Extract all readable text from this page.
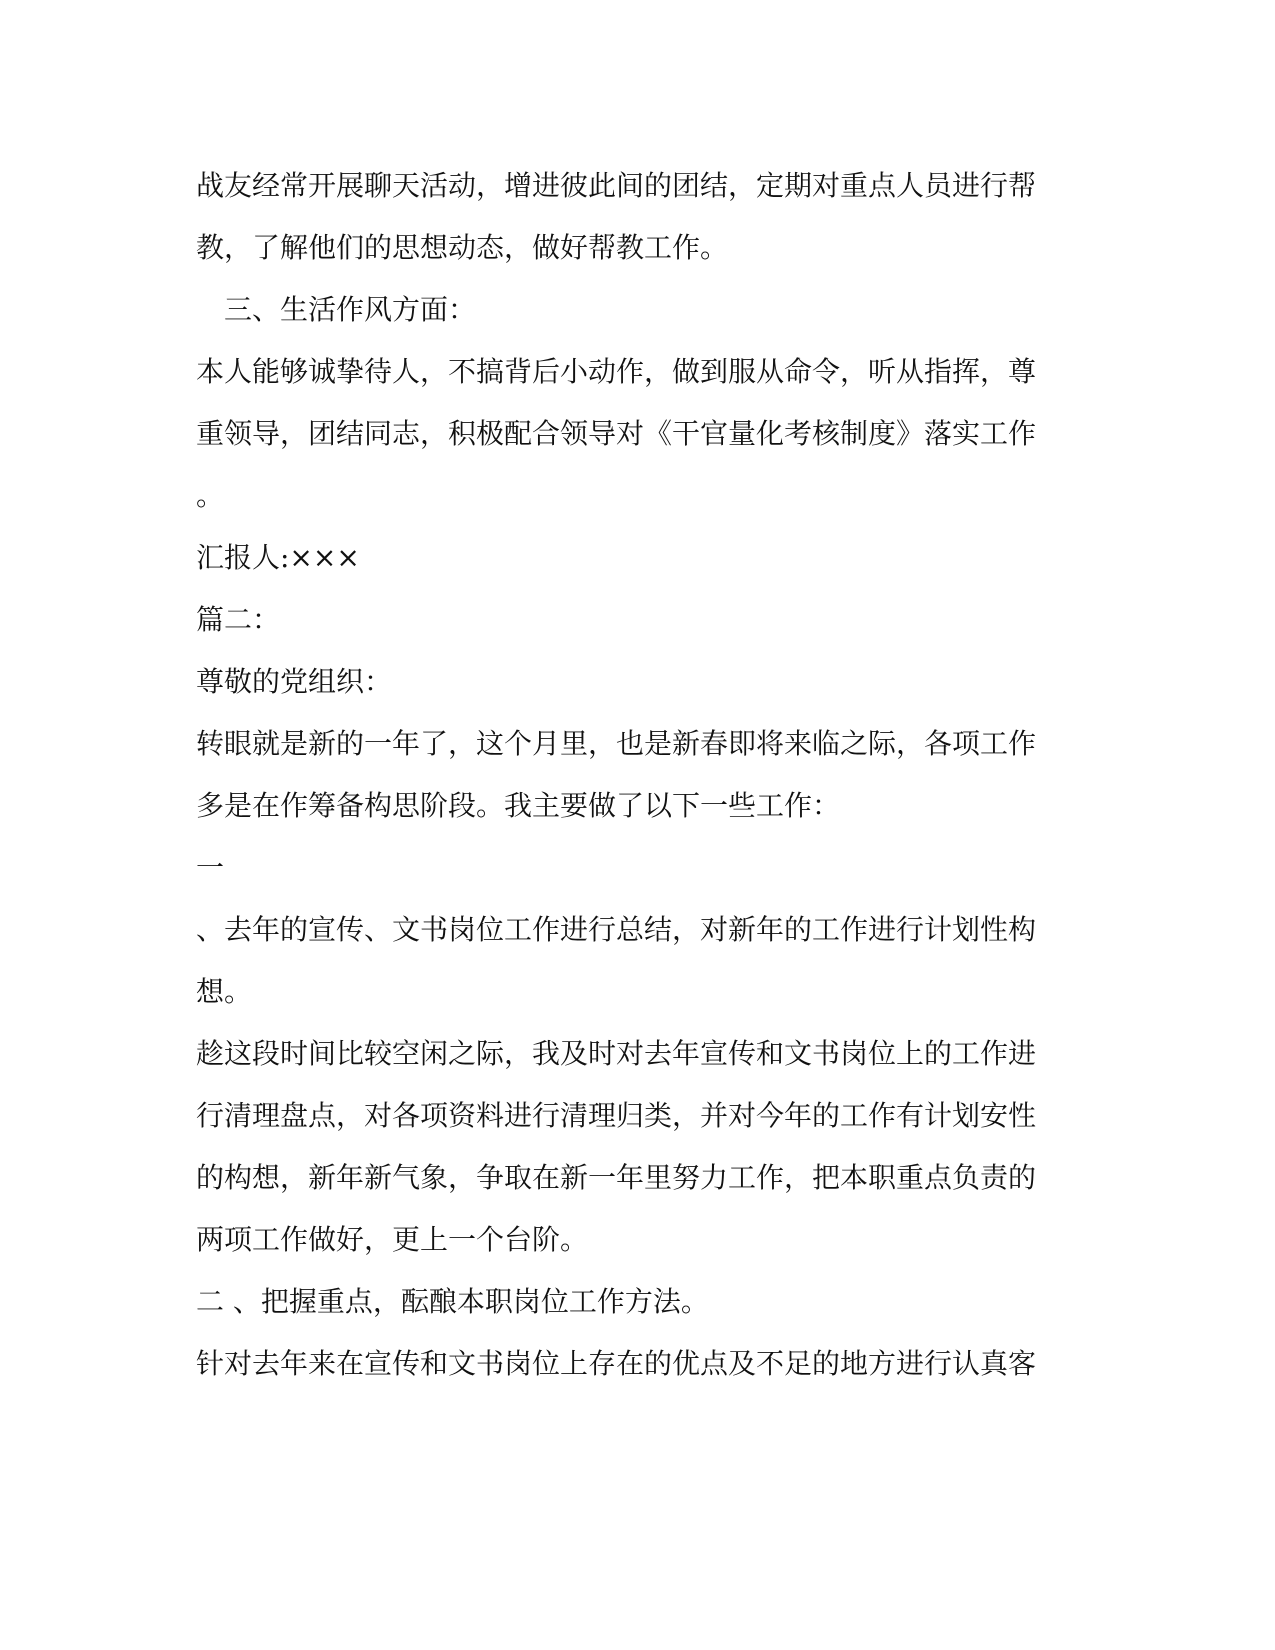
战友经常开展聊天活动，增进彼此间的团结，定期对重点人员进行帮
教，了解他们的思想动态，做好帮教工作。
三、生活作风方面：
本人能够诚挚待人，不搞背后小动作，做到服从命令，听从指挥，尊
重领导，团结同志，积极配合领导对《干官量化考核制度》落实工作
。
汇报人:×××
篇二：
尊敬的党组织：
转眼就是新的一年了，这个月里，也是新春即将来临之际，各项工作
多是在作筹备构思阶段。我主要做了以下一些工作：
一
、去年的宣传、文书岗位工作进行总结，对新年的工作进行计划性构
想。
趁这段时间比较空闲之际，我及时对去年宣传和文书岗位上的工作进
行清理盘点，对各项资料进行清理归类，并对今年的工作有计划安性
的构想，新年新气象，争取在新一年里努力工作，把本职重点负责的
两项工作做好，更上一个台阶。
二 、把握重点，酝酿本职岗位工作方法。
针对去年来在宣传和文书岗位上存在的优点及不足的地方进行认真客
